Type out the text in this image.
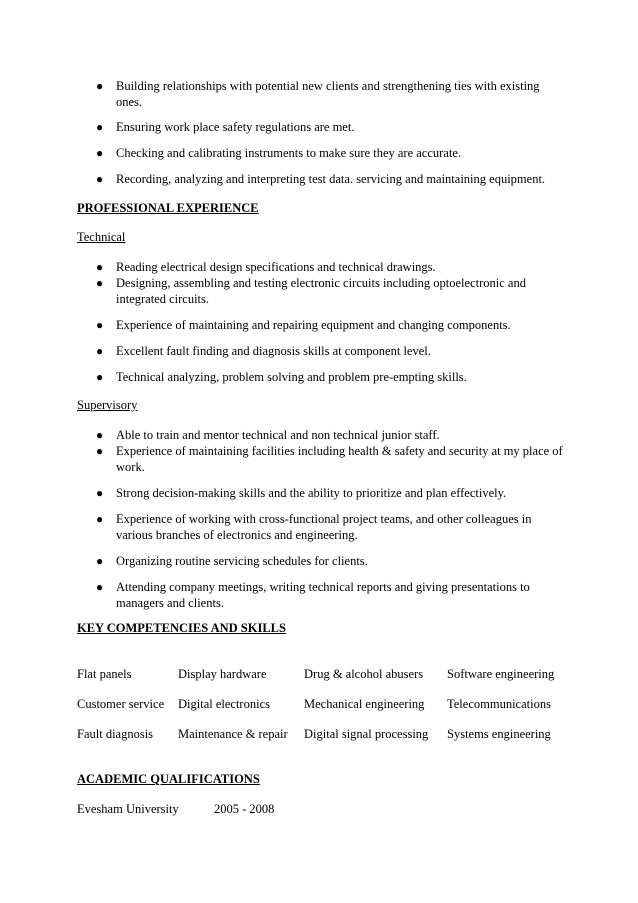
● Building relationships with potential new clients and strengthening ties with existing ones.
● Ensuring work place safety regulations are met.
● Checking and calibrating instruments to make sure they are accurate.
● Recording, analyzing and interpreting test data. servicing and maintaining equipment.
PROFESSIONAL EXPERIENCE
Technical
● Reading electrical design specifications and technical drawings.
● Designing, assembling and testing electronic circuits including optoelectronic and integrated circuits.
● Experience of maintaining and repairing equipment and changing components.
● Excellent fault finding and diagnosis skills at component level.
● Technical analyzing, problem solving and problem pre-empting skills.
Supervisory
● Able to train and mentor technical and non technical junior staff.
● Experience of maintaining facilities including health & safety and security at my place of work.
● Strong decision-making skills and the ability to prioritize and plan effectively.
● Experience of working with cross-functional project teams, and other colleagues in various branches of electronics and engineering.
● Organizing routine servicing schedules for clients.
● Attending company meetings, writing technical reports and giving presentations to managers and clients.
KEY COMPETENCIES AND SKILLS
Flat panels	Display hardware	Drug & alcohol abusers	Software engineering
Customer service	Digital electronics	Mechanical engineering	Telecommunications
Fault diagnosis	Maintenance & repair	Digital signal processing	Systems engineering
ACADEMIC QUALIFICATIONS
Evesham University	2005 - 2008
